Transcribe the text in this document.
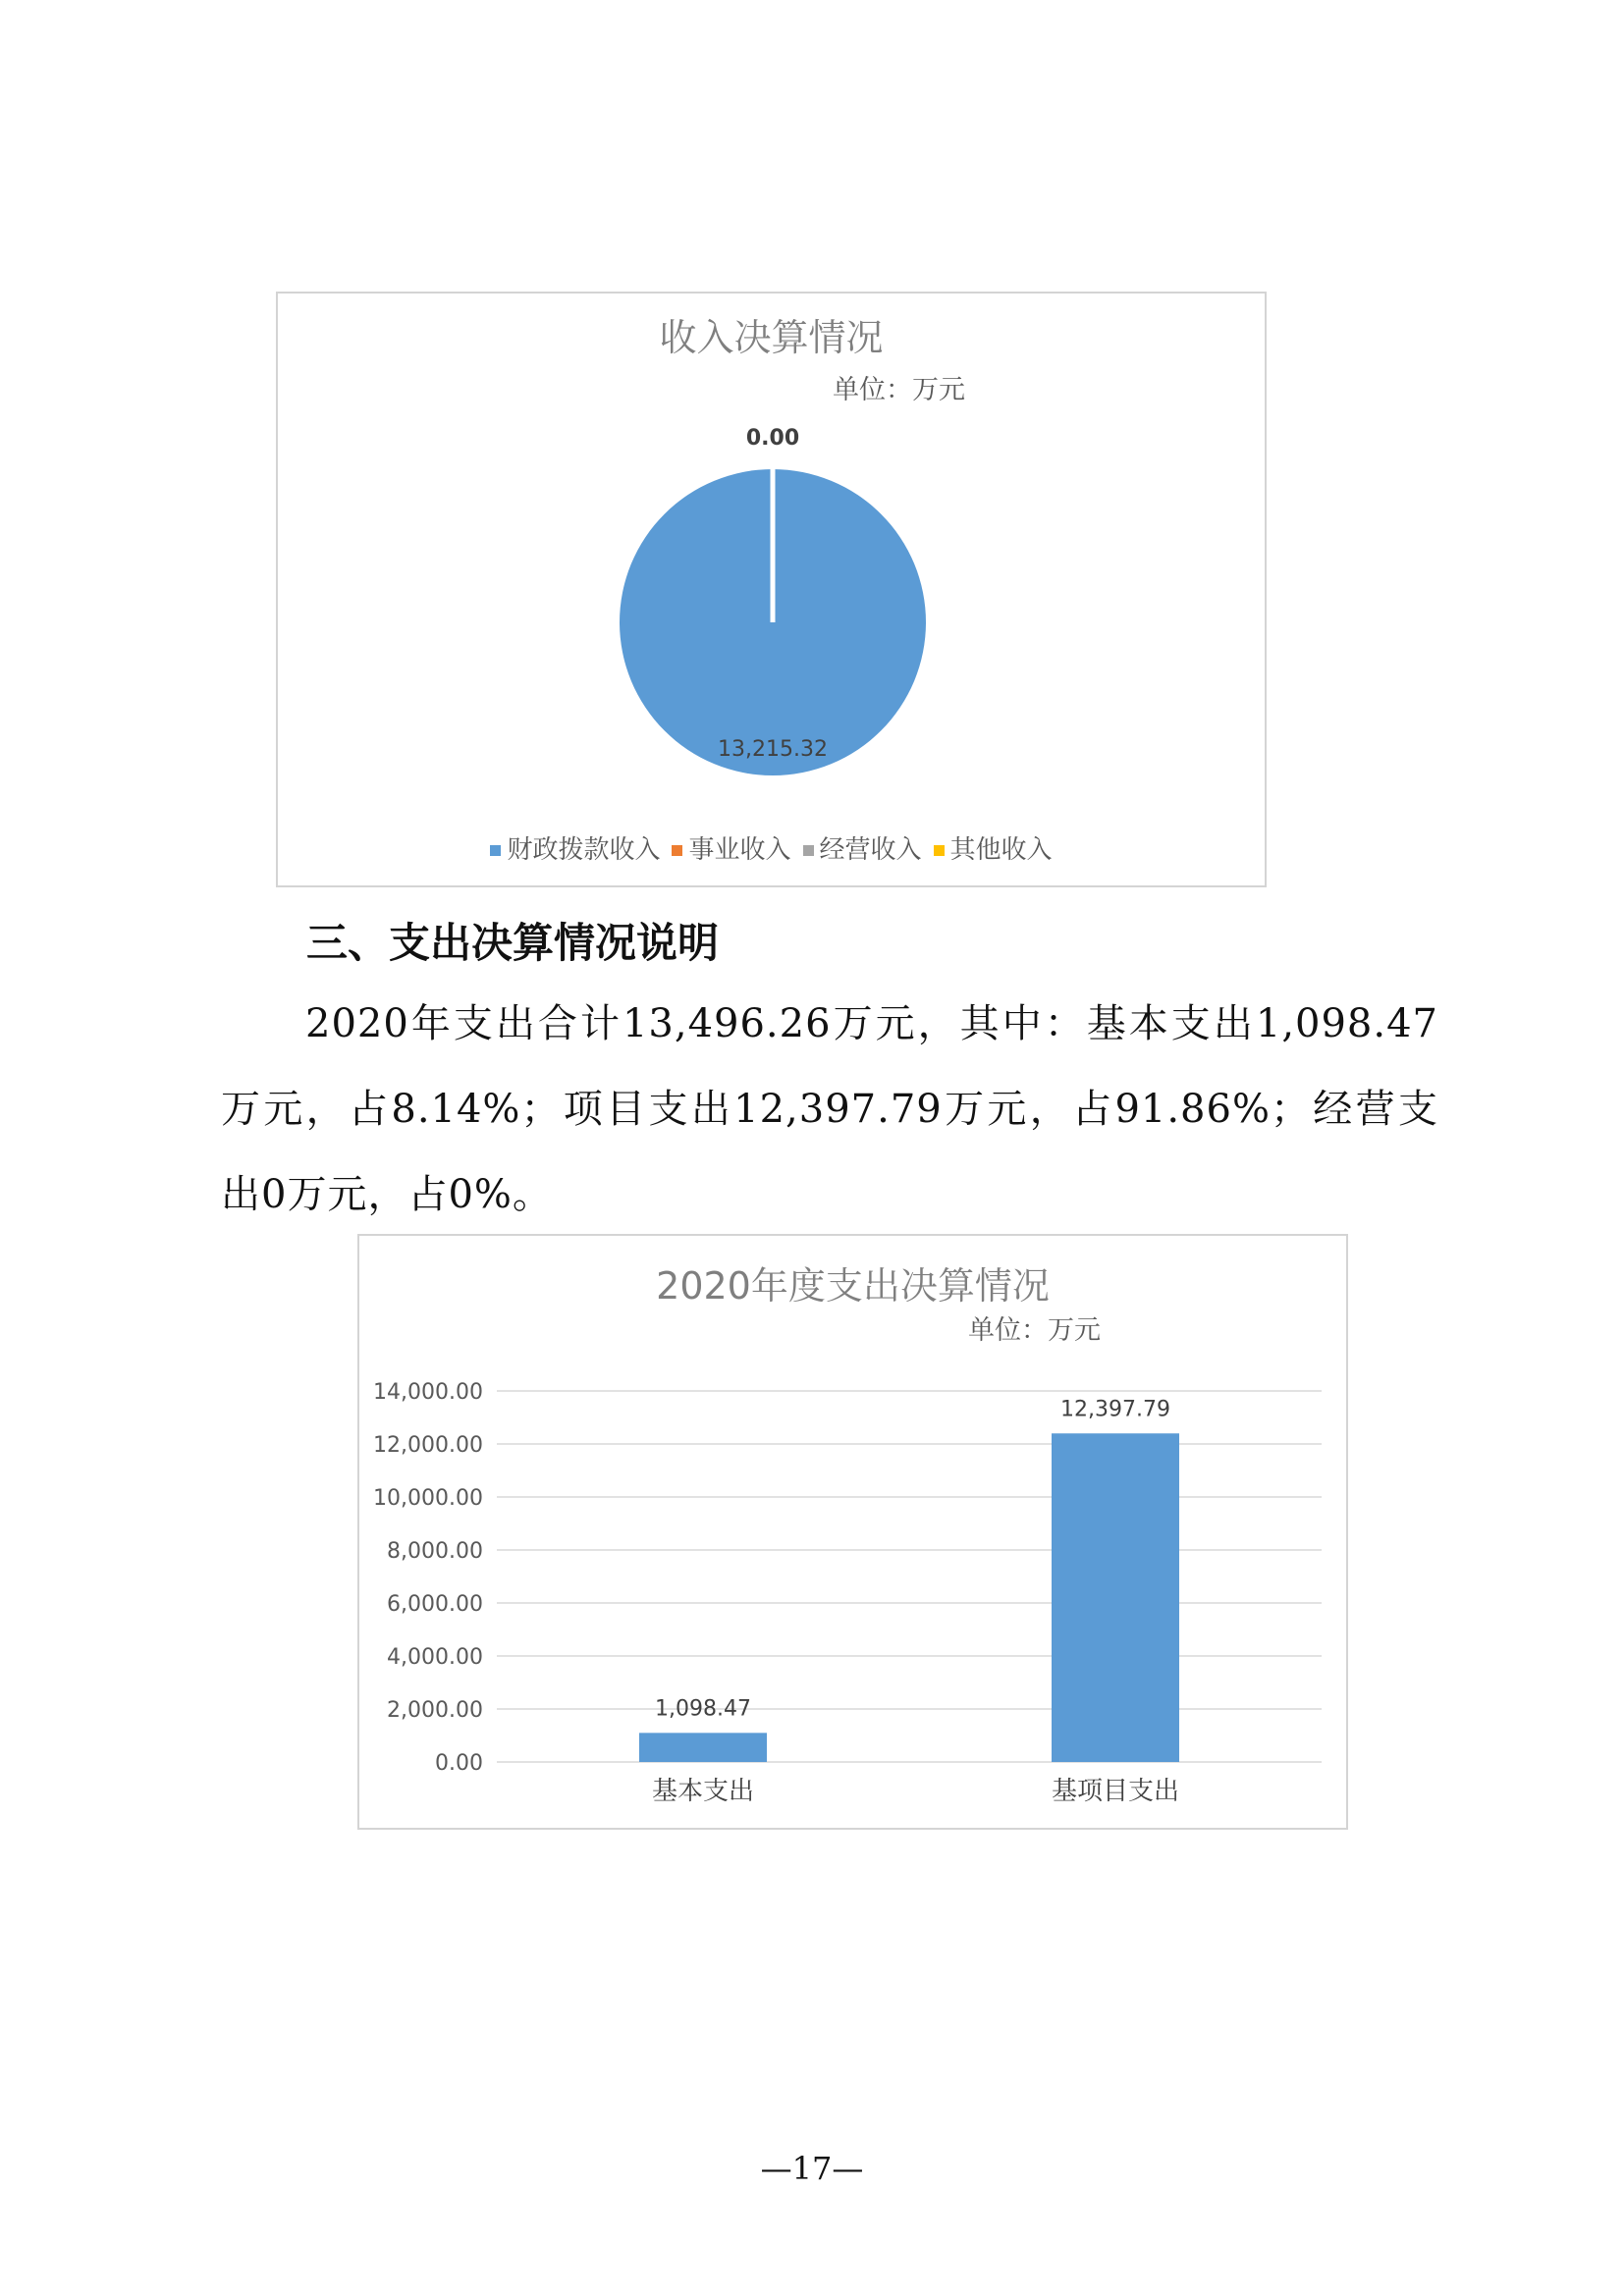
收入决算情况
单位：万元
13,215.32
0.00
财政拨款收入 事业收入 经营收入 其他收入
三、支出决算情况说明
2020年支出合计13,496.26万元，其中：基本支出1,098.47万元，占8.14%；项目支出12,397.79万元，占91.86%；经营支出0万元，占0%。
2020年度支出决算情况
单位：万元
0.00
2,000.00
4,000.00
6,000.00
8,000.00
10,000.00
12,000.00
14,000.00
1,098.47
基本支出
12,397.79
基项目支出
—17—
